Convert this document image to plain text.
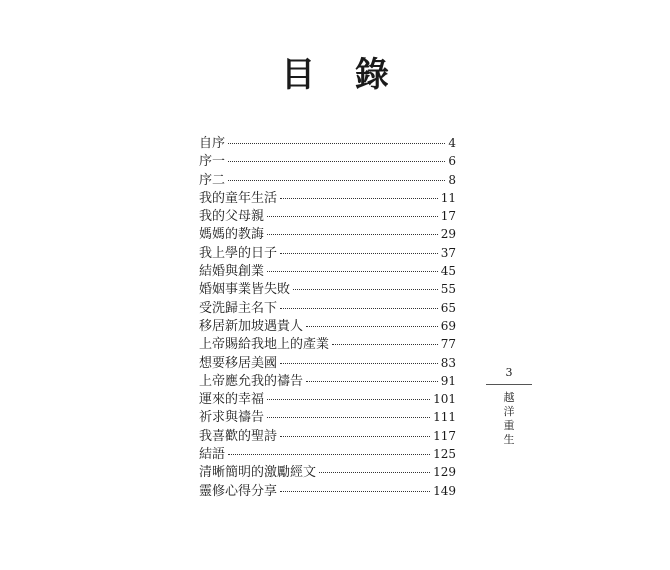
目 錄
自序	4
序一	6
序二	8
我的童年生活	11
我的父母親	17
媽媽的教誨	29
我上學的日子	37
結婚與創業	45
婚姻事業皆失敗	55
受洗歸主名下	65
移居新加坡遇貴人	69
上帝賜給我地上的產業	77
想要移居美國	83
上帝應允我的禱告	91
運來的幸福	101
祈求與禱告	111
我喜歡的聖詩	117
結語	125
清晰簡明的激勵經文	129
靈修心得分享	149
3
越洋重生
